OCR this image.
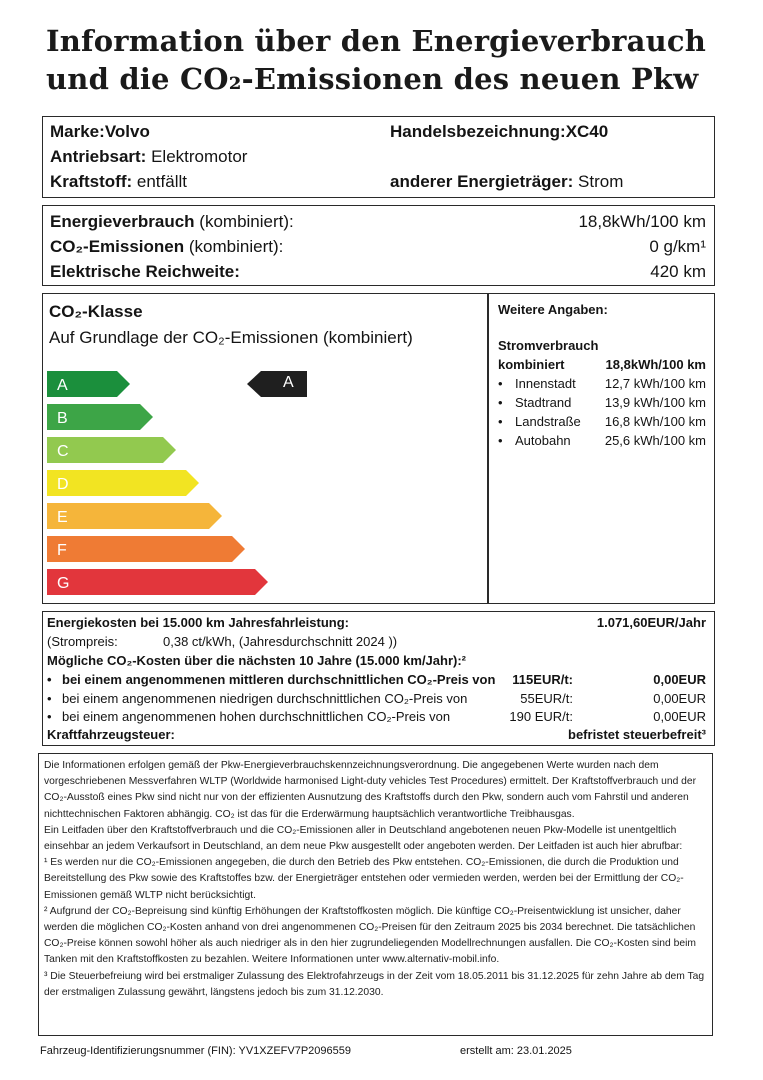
Information über den Energieverbrauch
und die CO₂-Emissionen des neuen Pkw
Marke:Volvo	Handelsbezeichnung:XC40
Antriebsart: Elektromotor
Kraftstoff: entfällt	anderer Energieträger: Strom
Energieverbrauch (kombiniert):	18,8kWh/100 km
CO₂-Emissionen (kombiniert):	0 g/km¹
Elektrische Reichweite:	420 km
CO₂-Klasse
Auf Grundlage der CO₂-Emissionen (kombiniert)
A
B
C
D
E
F
G
A
Weitere Angaben:
Stromverbrauch
kombiniert	18,8kWh/100 km
• Innenstadt 12,7 kWh/100 km
• Stadtrand	13,9 kWh/100 km
• Landstraße 16,8 kWh/100 km
• Autobahn	25,6 kWh/100 km
Energiekosten bei 15.000 km Jahresfahrleistung:	1.071,60EUR/Jahr
(Strompreis:	0,38 ct/kWh, (Jahresdurchschnitt 2024 ))
Mögliche CO₂-Kosten über die nächsten 10 Jahre (15.000 km/Jahr):²
• bei einem angenommenen mittleren durchschnittlichen CO₂-Preis von 115EUR/t:	0,00EUR
• bei einem angenommenen niedrigen durchschnittlichen CO₂-Preis von	55EUR/t:	0,00EUR
• bei einem angenommenen hohen durchschnittlichen CO₂-Preis von	190 EUR/t:	0,00EUR
Kraftfahrzeugsteuer:	befristet steuerbefreit³

Die Informationen erfolgen gemäß der Pkw-Energieverbrauchskennzeichnungsverordnung. Die angegebenen Werte wurden nach dem vorgeschriebenen Messverfahren WLTP (Worldwide harmonised Light-duty vehicles Test Procedures) ermittelt. Der Kraftstoffverbrauch und der CO₂-Ausstoß eines Pkw sind nicht nur von der effizienten Ausnutzung des Kraftstoffs durch den Pkw, sondern auch vom Fahrstil und anderen nichttechnischen Faktoren abhängig. CO₂ ist das für die Erderwärmung hauptsächlich verantwortliche Treibhausgas.

Ein Leitfaden über den Kraftstoffverbrauch und die CO₂-Emissionen aller in Deutschland angebotenen neuen Pkw-Modelle ist unentgeltlich einsehbar an jedem Verkaufsort in Deutschland, an dem neue Pkw ausgestellt oder angeboten werden. Der Leitfaden ist auch hier abrufbar:

¹ Es werden nur die CO₂-Emissionen angegeben, die durch den Betrieb des Pkw entstehen. CO₂-Emissionen, die durch die Produktion und Bereitstellung des Pkw sowie des Kraftstoffes bzw. der Energieträger entstehen oder vermieden werden, werden bei der Ermittlung der CO₂-Emissionen gemäß WLTP nicht berücksichtigt.

² Aufgrund der CO₂-Bepreisung sind künftig Erhöhungen der Kraftstoffkosten möglich. Die künftige CO₂-Preisentwicklung ist unsicher, daher werden die möglichen CO₂-Kosten anhand von drei angenommenen CO₂-Preisen für den Zeitraum 2025 bis 2034 berechnet. Die tatsächlichen CO₂-Preise können sowohl höher als auch niedriger als in den hier zugrundeliegenden Modellrechnungen ausfallen. Die CO₂-Kosten sind beim Tanken mit den Kraftstoffkosten zu bezahlen. Weitere Informationen unter www.alternativ-mobil.info.

³ Die Steuerbefreiung wird bei erstmaliger Zulassung des Elektrofahrzeugs in der Zeit vom 18.05.2011 bis 31.12.2025 für zehn Jahre ab dem Tag der erstmaligen Zulassung gewährt, längstens jedoch bis zum 31.12.2030.

Fahrzeug-Identifizierungsnummer (FIN): YV1XZEFV7P2096559	erstellt am: 23.01.2025
